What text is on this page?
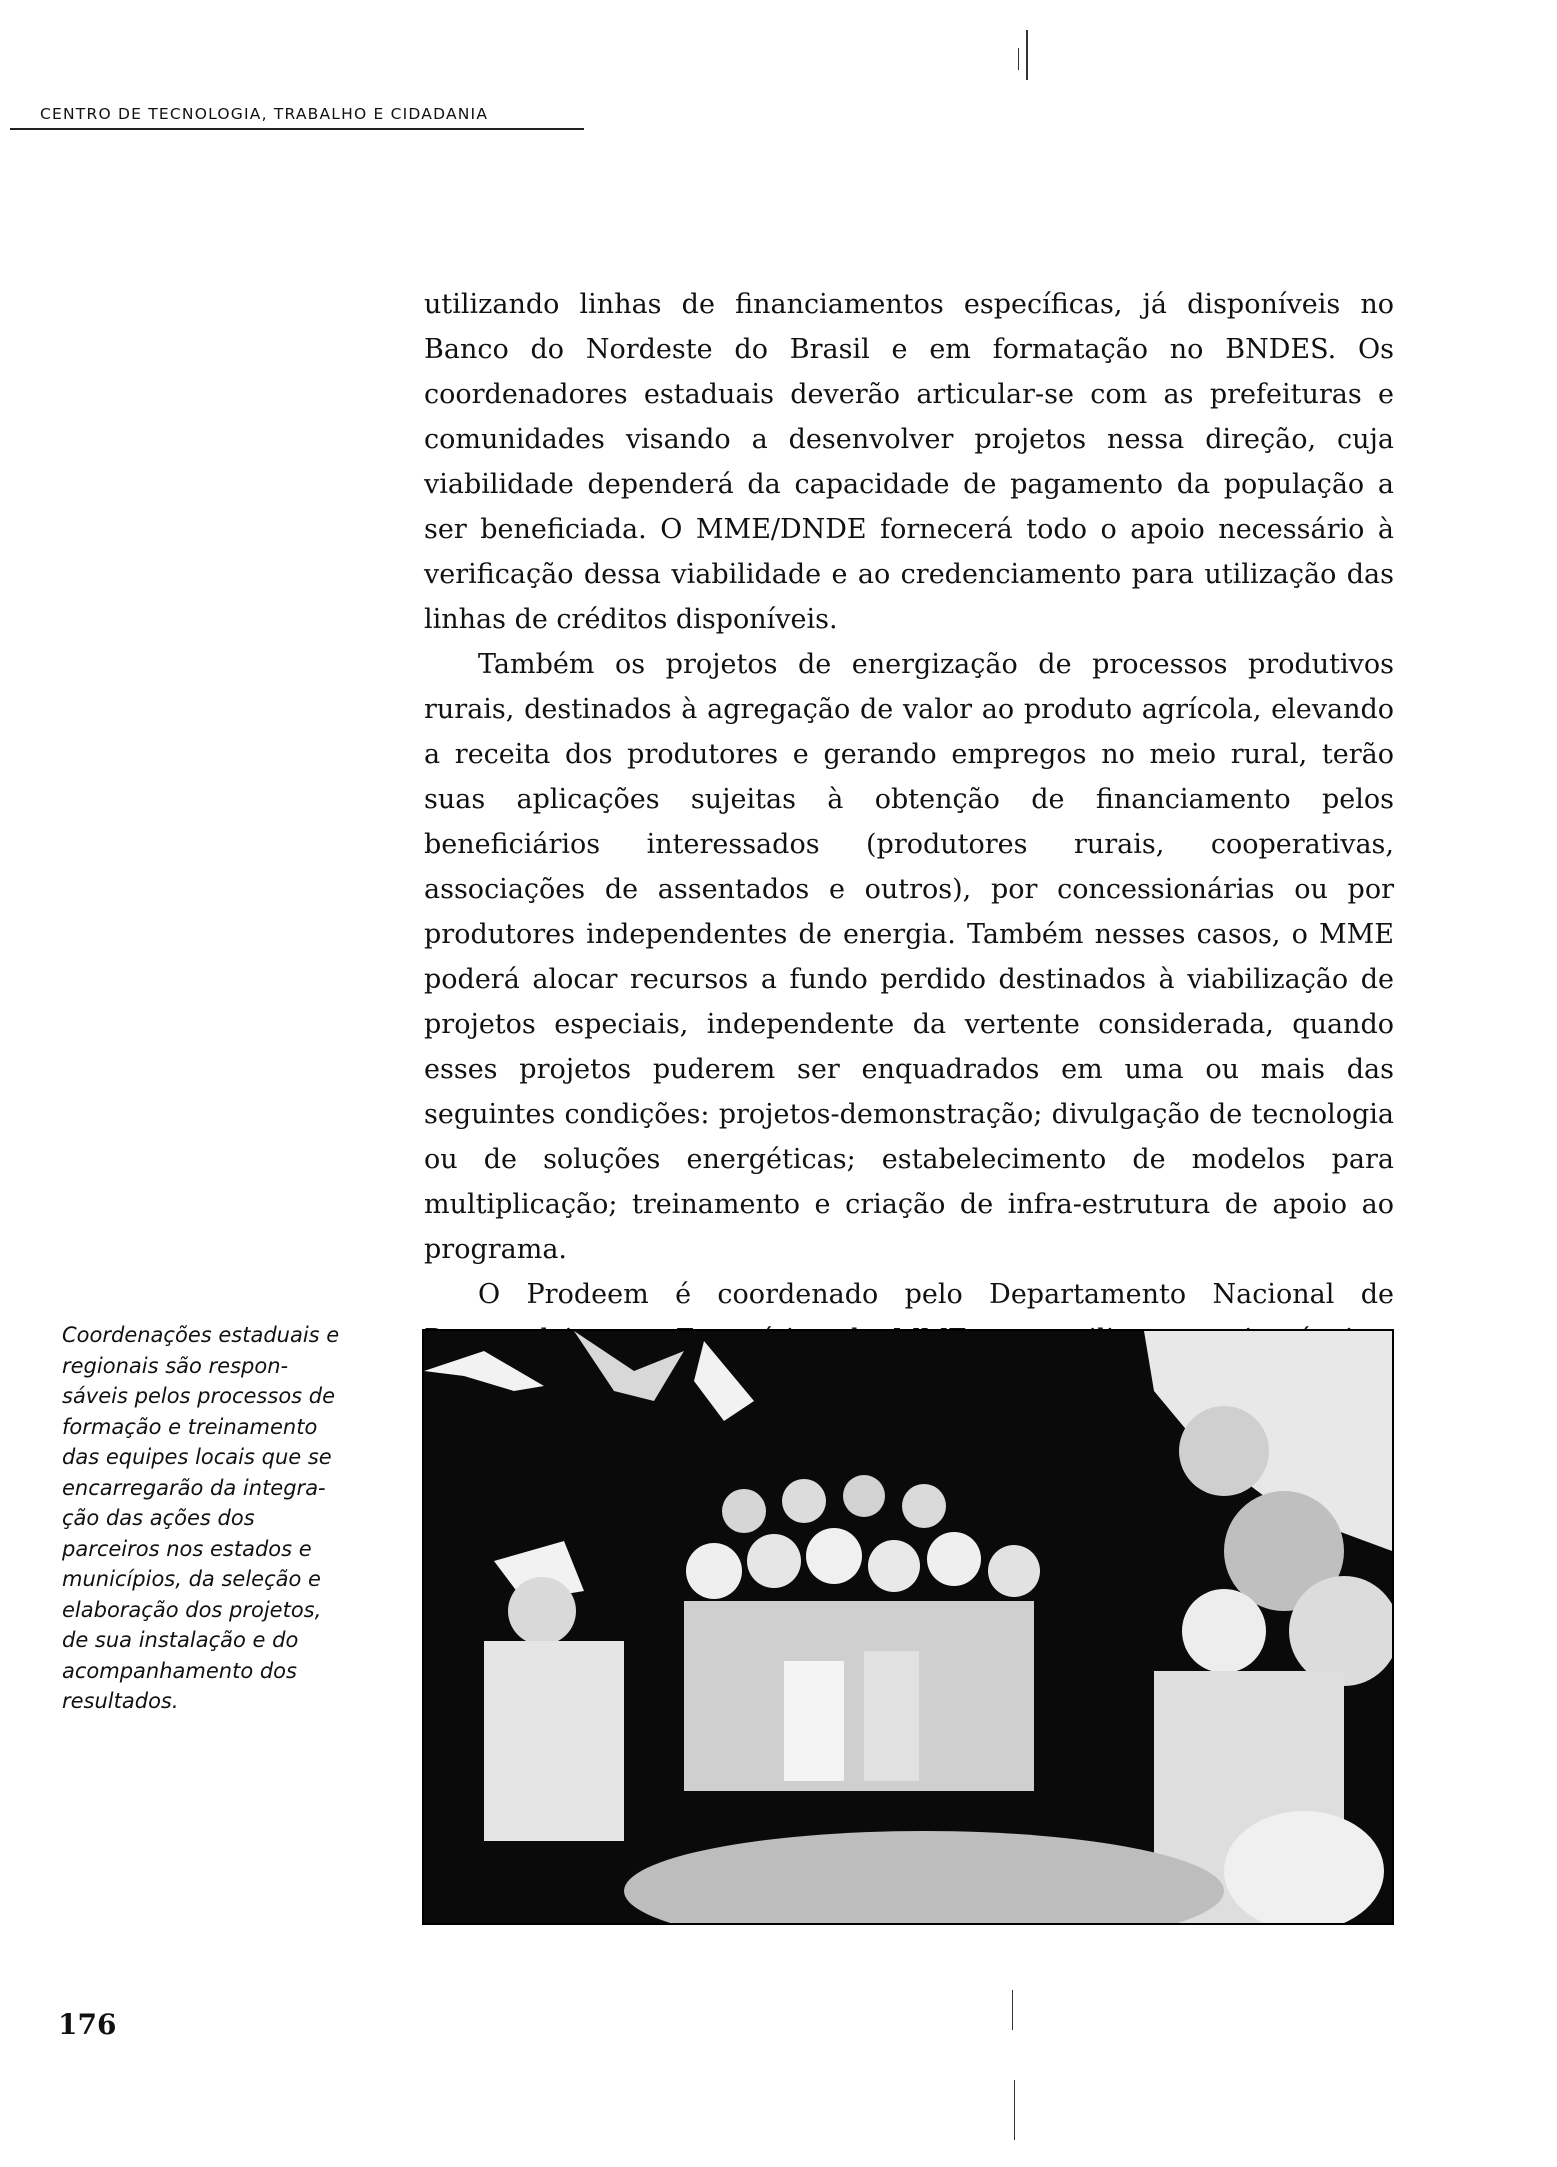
CENTRO DE TECNOLOGIA, TRABALHO E CIDADANIA

utilizando linhas de financiamentos específicas, já disponíveis no Banco do Nordeste do Brasil e em formatação no BNDES. Os coordenadores estaduais deverão articular-se com as prefeituras e comunidades visando a desenvolver projetos nessa direção, cuja viabilidade dependerá da capacidade de pagamento da população a ser beneficiada. O MME/DNDE fornecerá todo o apoio necessário à verificação dessa viabilidade e ao credenciamento para utilização das linhas de créditos disponíveis.

Também os projetos de energização de processos produtivos rurais, destinados à agregação de valor ao produto agrícola, elevando a receita dos produtores e gerando empregos no meio rural, terão suas aplicações sujeitas à obtenção de financiamento pelos beneficiários interessados (produtores rurais, cooperativas, associações de assentados e outros), por concessionárias ou por produtores independentes de energia. Também nesses casos, o MME poderá alocar recursos a fundo perdido destinados à viabilização de projetos especiais, independente da vertente considerada, quando esses projetos puderem ser enquadrados em uma ou mais das seguintes condições: projetos-demonstração; divulgação de tecnologia ou de soluções energéticas; estabelecimento de modelos para multiplicação; treinamento e criação de infra-estrutura de apoio ao programa.

O Prodeem é coordenado pelo Departamento Nacional de

Coordenações estaduais e
regionais são respon-
sáveis pelos processos de
formação e treinamento
das equipes locais que se
encarregarão da integra-
ção das ações dos
parceiros nos estados e
municípios, da seleção e
elaboração dos projetos,
de sua instalação e do
acompanhamento dos
resultados.
176
